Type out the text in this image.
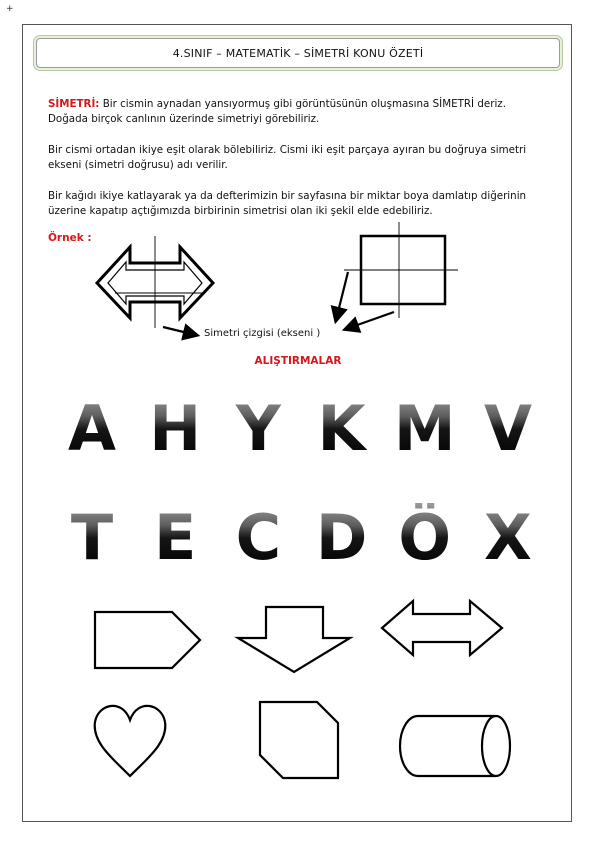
+
4.SINIF – MATEMATİK – SİMETRİ KONU ÖZETİ
SİMETRİ: Bir cismin aynadan yansıyormuş gibi görüntüsünün oluşmasına SİMETRİ deriz. Doğada birçok canlının üzerinde simetriyi görebiliriz.
Bir cismi ortadan ikiye eşit olarak bölebiliriz. Cismi iki eşit parçaya ayıran bu doğruya simetri ekseni (simetri doğrusu) adı verilir.
Bir kağıdı ikiye katlayarak ya da defterimizin bir sayfasına bir miktar boya damlatıp diğerinin üzerine kapatıp açtığımızda birbirinin simetrisi olan iki şekil elde edebiliriz.
Örnek :
Simetri çizgisi (ekseni )
ALIŞTIRMALAR
A H Y K M V
T E C D Ö X
